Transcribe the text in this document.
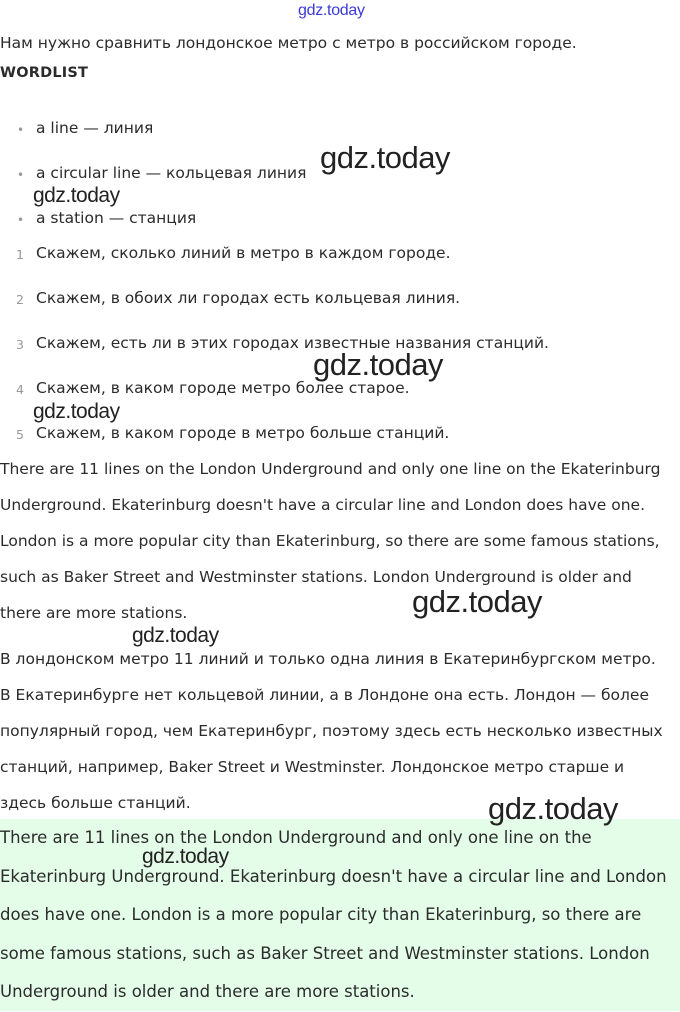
gdz.today
Нам нужно сравнить лондонское метро с метро в российском городе.
WORDLIST
• a line — линия
• a circular line — кольцевая линия
• a station — станция
1 Скажем, сколько линий в метро в каждом городе.
2 Скажем, в обоих ли городах есть кольцевая линия.
3 Скажем, есть ли в этих городах известные названия станций.
4 Скажем, в каком городе метро более старое.
5 Скажем, в каком городе в метро больше станций.
There are 11 lines on the London Underground and only one line on the Ekaterinburg Underground. Ekaterinburg doesn't have a circular line and London does have one. London is a more popular city than Ekaterinburg, so there are some famous stations, such as Baker Street and Westminster stations. London Underground is older and there are more stations.
В лондонском метро 11 линий и только одна линия в Екатеринбургском метро. В Екатеринбурге нет кольцевой линии, а в Лондоне она есть. Лондон — более популярный город, чем Екатеринбург, поэтому здесь есть несколько известных станций, например, Baker Street и Westminster. Лондонское метро старше и здесь больше станций.
There are 11 lines on the London Underground and only one line on the Ekaterinburg Underground. Ekaterinburg doesn't have a circular line and London does have one. London is a more popular city than Ekaterinburg, so there are some famous stations, such as Baker Street and Westminster stations. London Underground is older and there are more stations.
gdz.today
gdz.today
gdz.today
gdz.today
gdz.today
gdz.today
gdz.today
gdz.today
